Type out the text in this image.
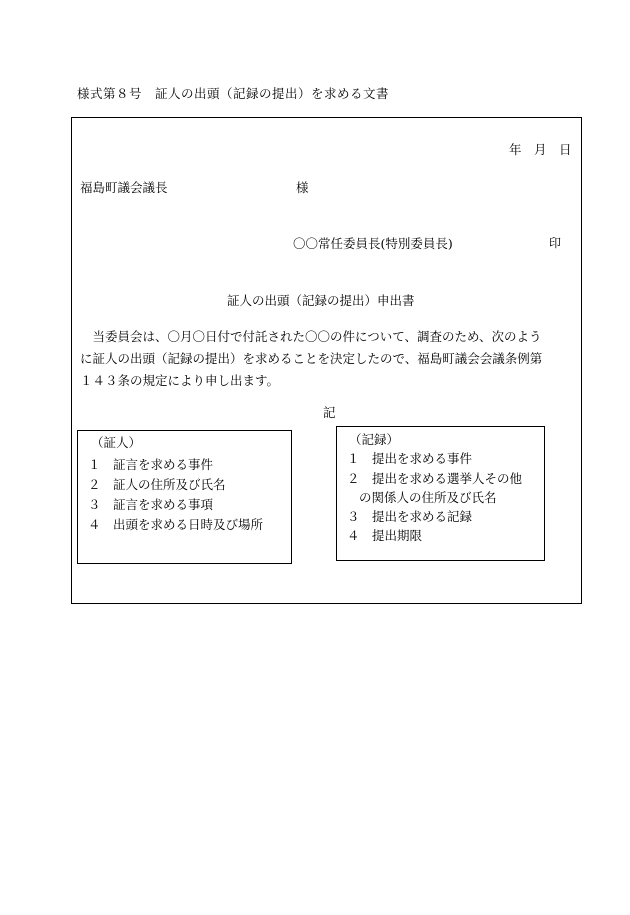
様式第８号　証人の出頭（記録の提出）を求める文書
年　月　日
福島町議会議長	様
〇〇常任委員長(特別委員長)	印
証人の出頭（記録の提出）申出書
　当委員会は、〇月〇日付で付託された〇〇の件について、調査のため、次のよう
に証人の出頭（記録の提出）を求めることを決定したので、福島町議会会議条例第
１４３条の規定により申し出ます。
記
（証人）
１　証言を求める事件
２　証人の住所及び氏名
３　証言を求める事項
４　出頭を求める日時及び場所
（記録）
１　提出を求める事件
２　提出を求める選挙人その他
の関係人の住所及び氏名
３　提出を求める記録
４　提出期限
